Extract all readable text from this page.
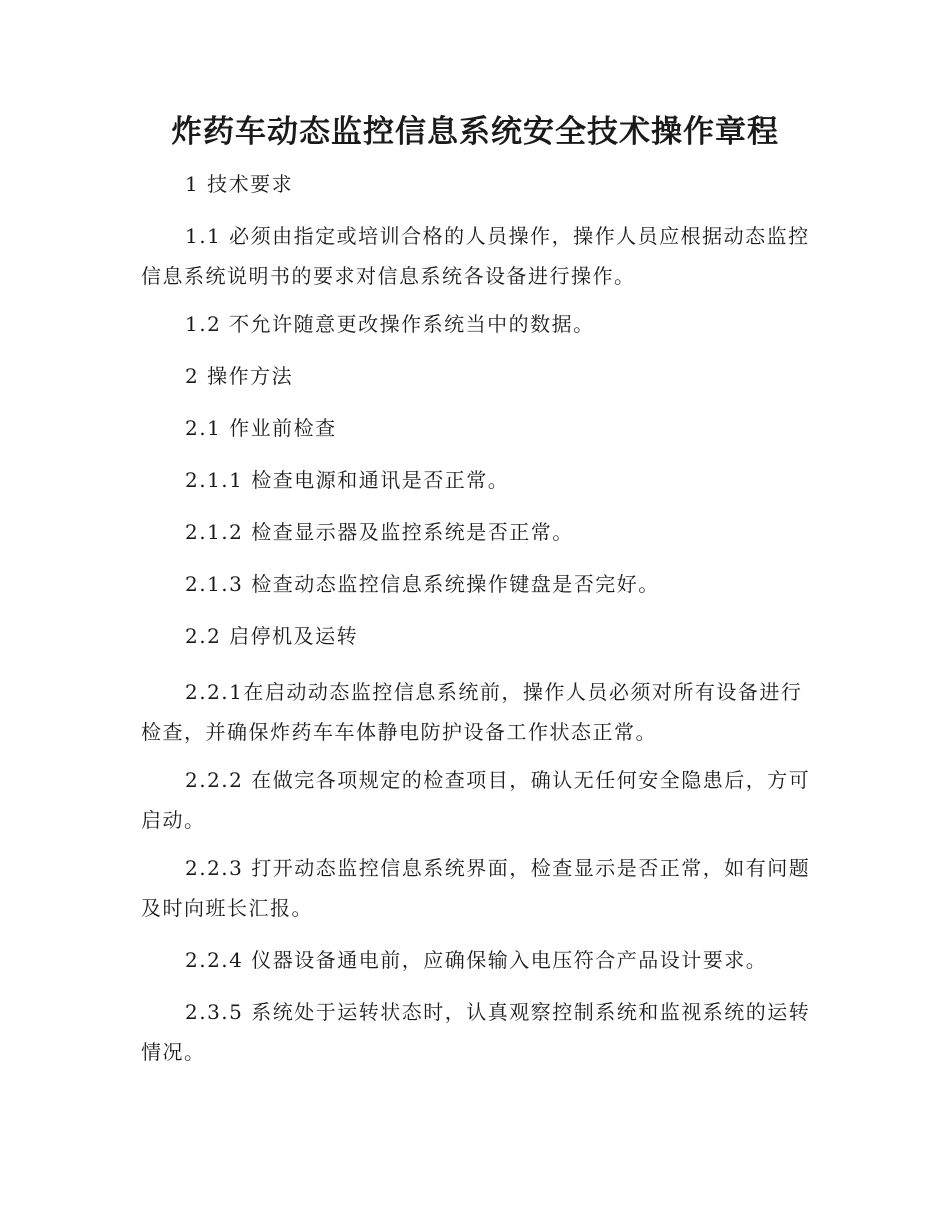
炸药车动态监控信息系统安全技术操作章程

1 技术要求

1.1 必须由指定或培训合格的人员操作，操作人员应根据动态监控信息系统说明书的要求对信息系统各设备进行操作。

1.2 不允许随意更改操作系统当中的数据。

2 操作方法

2.1 作业前检查

2.1.1 检查电源和通讯是否正常。

2.1.2 检查显示器及监控系统是否正常。

2.1.3 检查动态监控信息系统操作键盘是否完好。

2.2 启停机及运转

2.2.1在启动动态监控信息系统前，操作人员必须对所有设备进行检查，并确保炸药车车体静电防护设备工作状态正常。

2.2.2 在做完各项规定的检查项目，确认无任何安全隐患后，方可启动。

2.2.3 打开动态监控信息系统界面，检查显示是否正常，如有问题及时向班长汇报。

2.2.4 仪器设备通电前，应确保输入电压符合产品设计要求。

2.3.5 系统处于运转状态时，认真观察控制系统和监视系统的运转情况。
